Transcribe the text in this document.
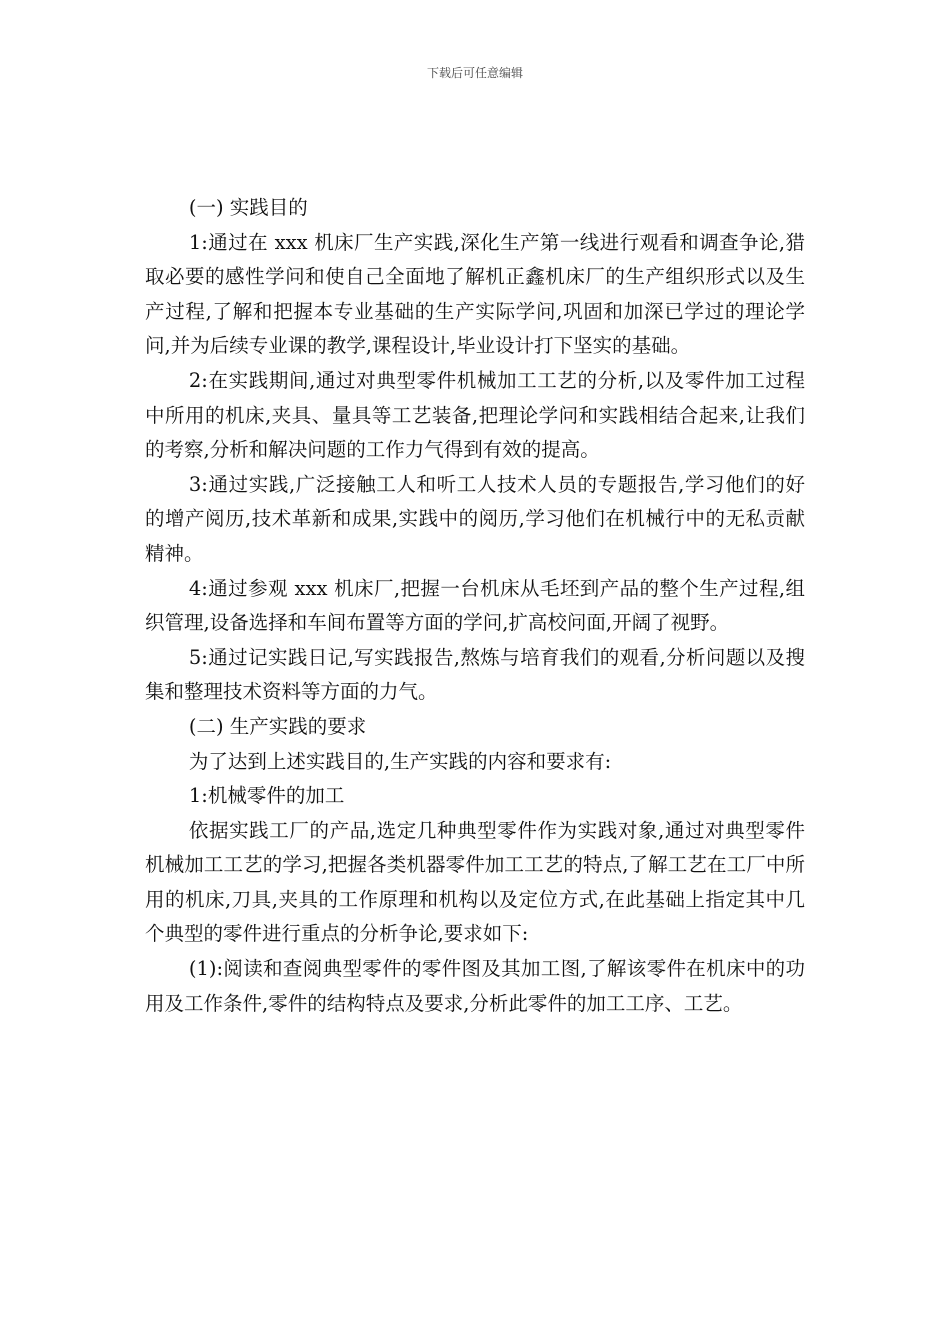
下载后可任意编辑

(一) 实践目的

1:通过在 xxx 机床厂生产实践,深化生产第一线进行观看和调查争论,猎取必要的感性学问和使自己全面地了解机正鑫机床厂的生产组织形式以及生产过程,了解和把握本专业基础的生产实际学问,巩固和加深已学过的理论学问,并为后续专业课的教学,课程设计,毕业设计打下坚实的基础。

2:在实践期间,通过对典型零件机械加工工艺的分析,以及零件加工过程中所用的机床,夹具、量具等工艺装备,把理论学问和实践相结合起来,让我们的考察,分析和解决问题的工作力气得到有效的提高。

3:通过实践,广泛接触工人和听工人技术人员的专题报告,学习他们的好的增产阅历,技术革新和成果,实践中的阅历,学习他们在机械行中的无私贡献精神。

4:通过参观 xxx 机床厂,把握一台机床从毛坯到产品的整个生产过程,组织管理,设备选择和车间布置等方面的学问,扩高校问面,开阔了视野。

5:通过记实践日记,写实践报告,熬炼与培育我们的观看,分析问题以及搜集和整理技术资料等方面的力气。

(二) 生产实践的要求

为了达到上述实践目的,生产实践的内容和要求有:

1:机械零件的加工

依据实践工厂的产品,选定几种典型零件作为实践对象,通过对典型零件机械加工工艺的学习,把握各类机器零件加工工艺的特点,了解工艺在工厂中所用的机床,刀具,夹具的工作原理和机构以及定位方式,在此基础上指定其中几个典型的零件进行重点的分析争论,要求如下:

(1):阅读和查阅典型零件的零件图及其加工图,了解该零件在机床中的功用及工作条件,零件的结构特点及要求,分析此零件的加工工序、工艺。
